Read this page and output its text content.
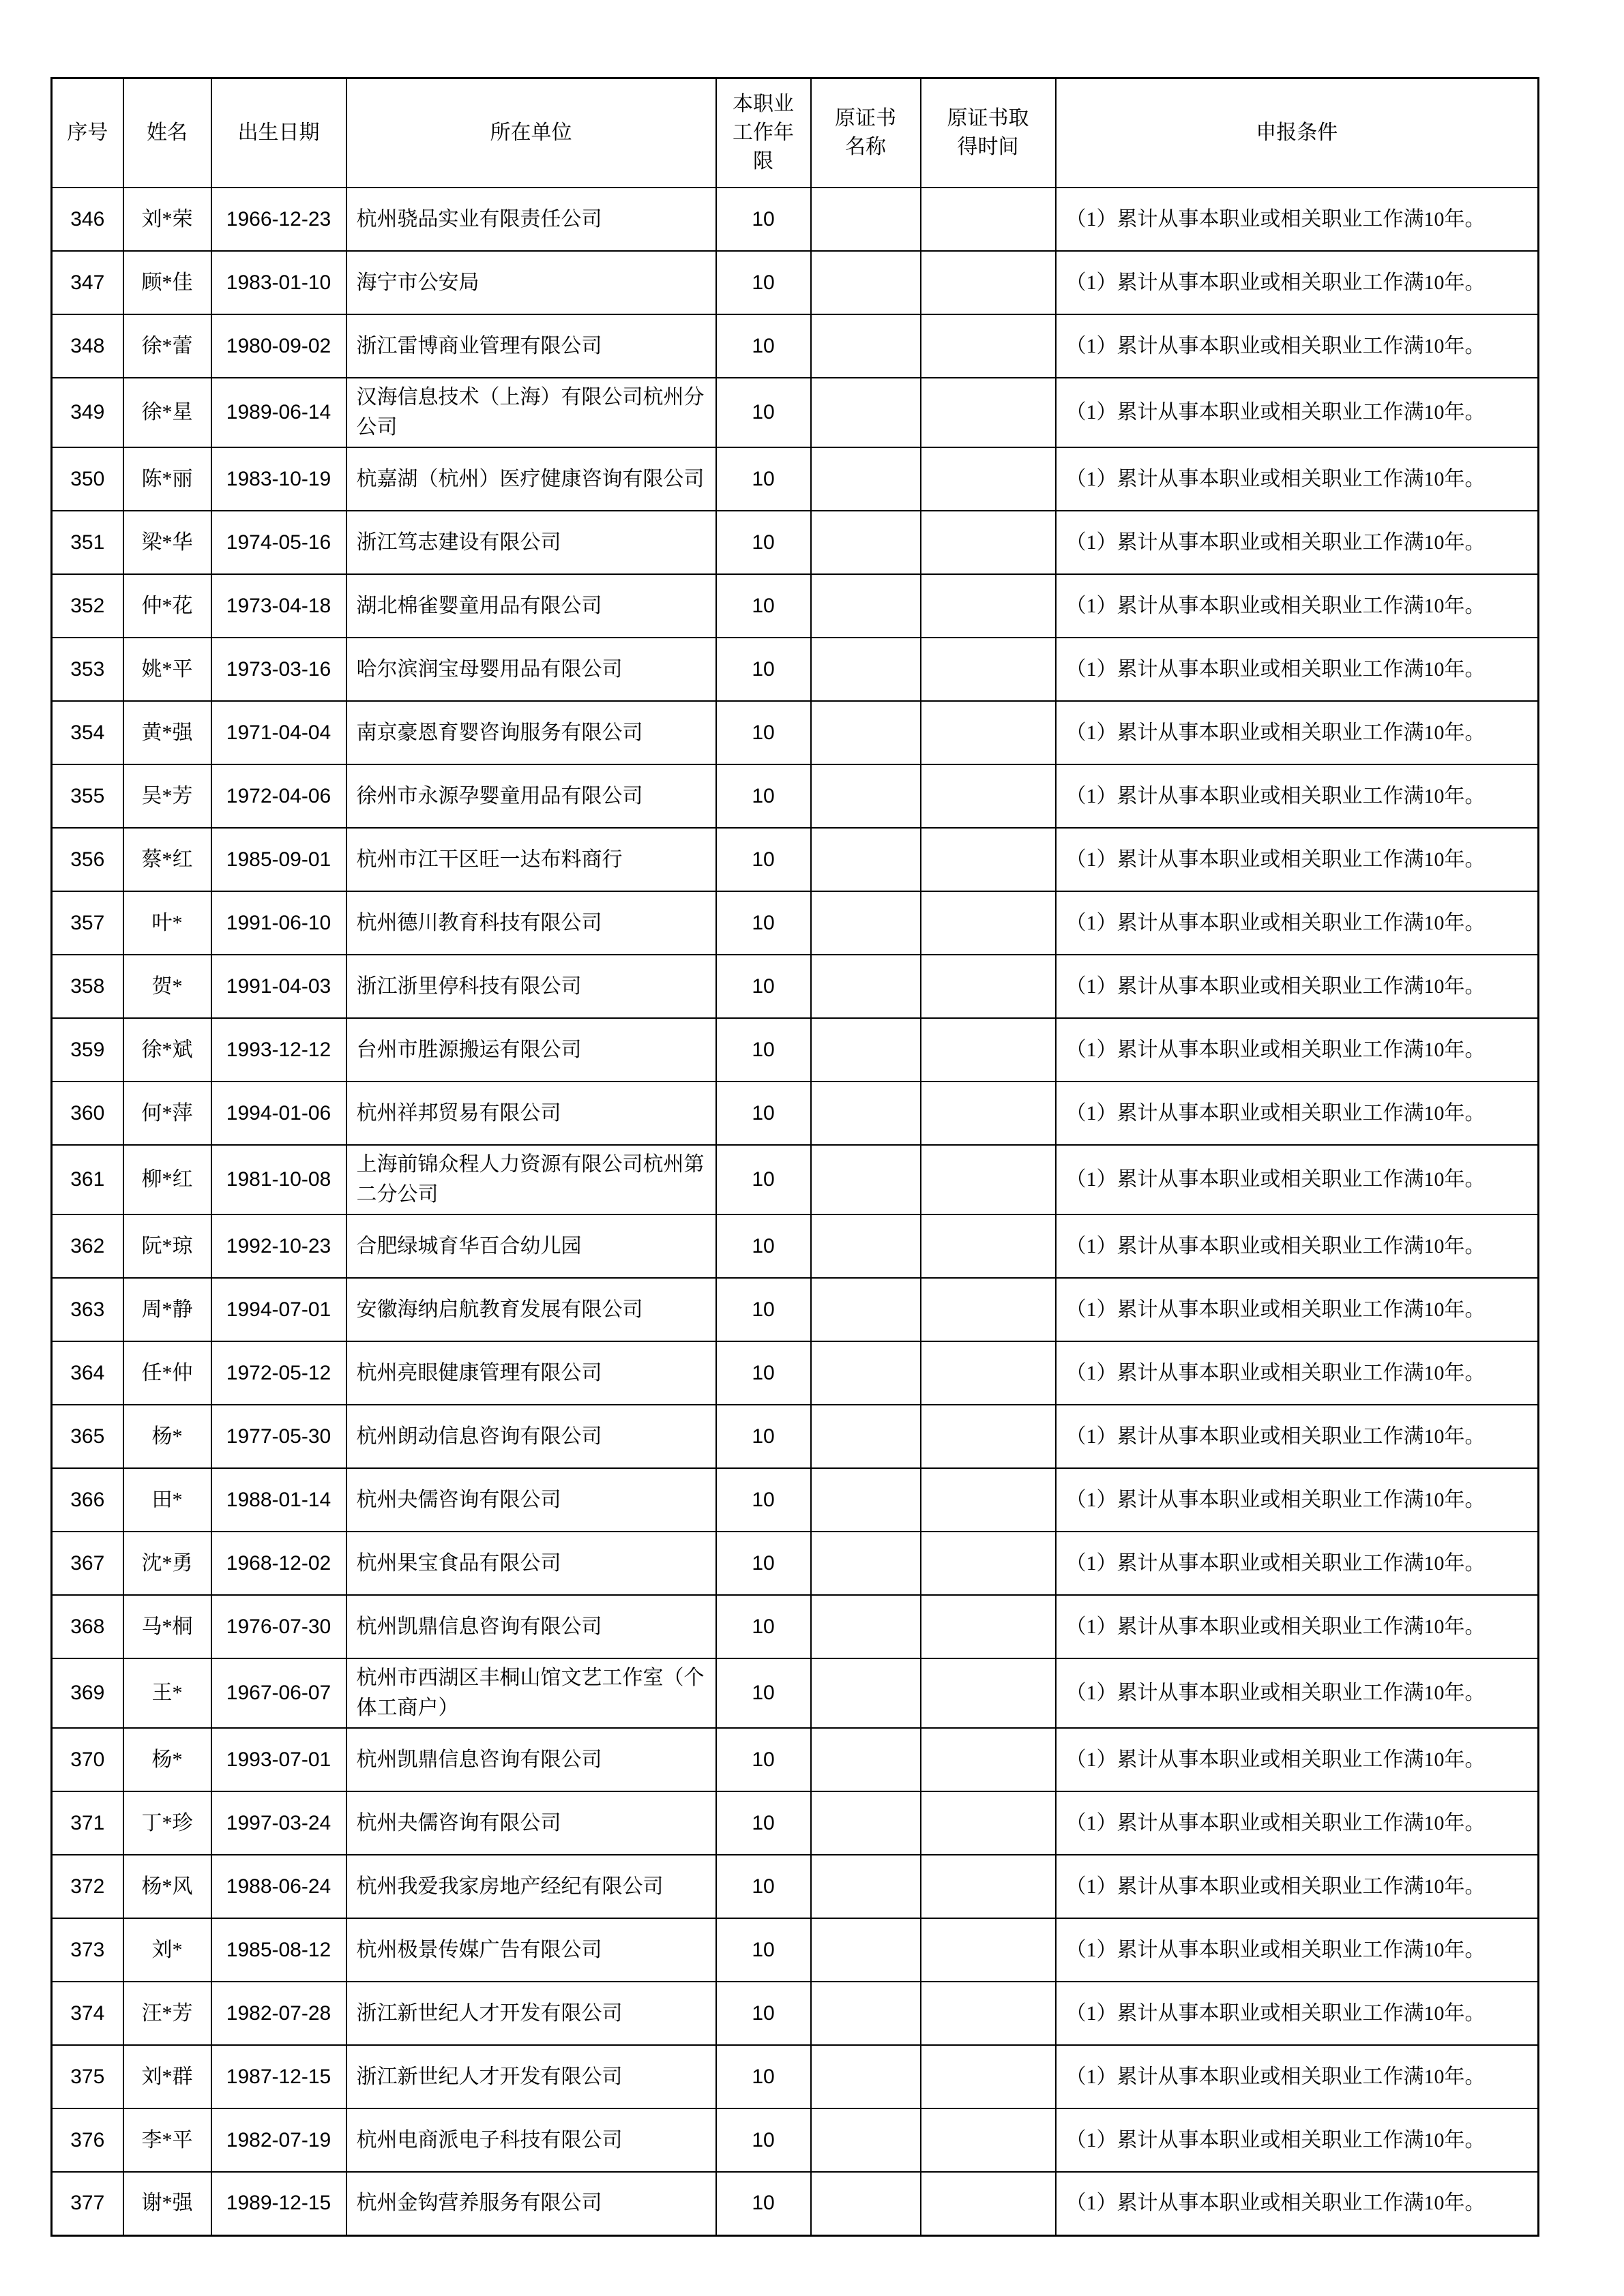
序号	姓名	出生日期	所在单位	本职业工作年限	原证书名称	原证书取得时间	申报条件
346	刘*荣	1966-12-23	杭州骁品实业有限责任公司	10			（1）累计从事本职业或相关职业工作满10年。
347	顾*佳	1983-01-10	海宁市公安局	10			（1）累计从事本职业或相关职业工作满10年。
348	徐*蕾	1980-09-02	浙江雷博商业管理有限公司	10			（1）累计从事本职业或相关职业工作满10年。
349	徐*星	1989-06-14	汉海信息技术（上海）有限公司杭州分公司	10			（1）累计从事本职业或相关职业工作满10年。
350	陈*丽	1983-10-19	杭嘉湖（杭州）医疗健康咨询有限公司	10			（1）累计从事本职业或相关职业工作满10年。
351	梁*华	1974-05-16	浙江笃志建设有限公司	10			（1）累计从事本职业或相关职业工作满10年。
352	仲*花	1973-04-18	湖北棉雀婴童用品有限公司	10			（1）累计从事本职业或相关职业工作满10年。
353	姚*平	1973-03-16	哈尔滨润宝母婴用品有限公司	10			（1）累计从事本职业或相关职业工作满10年。
354	黄*强	1971-04-04	南京豪恩育婴咨询服务有限公司	10			（1）累计从事本职业或相关职业工作满10年。
355	吴*芳	1972-04-06	徐州市永源孕婴童用品有限公司	10			（1）累计从事本职业或相关职业工作满10年。
356	蔡*红	1985-09-01	杭州市江干区旺一达布料商行	10			（1）累计从事本职业或相关职业工作满10年。
357	叶*	1991-06-10	杭州德川教育科技有限公司	10			（1）累计从事本职业或相关职业工作满10年。
358	贺*	1991-04-03	浙江浙里停科技有限公司	10			（1）累计从事本职业或相关职业工作满10年。
359	徐*斌	1993-12-12	台州市胜源搬运有限公司	10			（1）累计从事本职业或相关职业工作满10年。
360	何*萍	1994-01-06	杭州祥邦贸易有限公司	10			（1）累计从事本职业或相关职业工作满10年。
361	柳*红	1981-10-08	上海前锦众程人力资源有限公司杭州第二分公司	10			（1）累计从事本职业或相关职业工作满10年。
362	阮*琼	1992-10-23	合肥绿城育华百合幼儿园	10			（1）累计从事本职业或相关职业工作满10年。
363	周*静	1994-07-01	安徽海纳启航教育发展有限公司	10			（1）累计从事本职业或相关职业工作满10年。
364	任*仲	1972-05-12	杭州亮眼健康管理有限公司	10			（1）累计从事本职业或相关职业工作满10年。
365	杨*	1977-05-30	杭州朗动信息咨询有限公司	10			（1）累计从事本职业或相关职业工作满10年。
366	田*	1988-01-14	杭州夬儒咨询有限公司	10			（1）累计从事本职业或相关职业工作满10年。
367	沈*勇	1968-12-02	杭州果宝食品有限公司	10			（1）累计从事本职业或相关职业工作满10年。
368	马*桐	1976-07-30	杭州凯鼎信息咨询有限公司	10			（1）累计从事本职业或相关职业工作满10年。
369	王*	1967-06-07	杭州市西湖区丰桐山馆文艺工作室（个体工商户）	10			（1）累计从事本职业或相关职业工作满10年。
370	杨*	1993-07-01	杭州凯鼎信息咨询有限公司	10			（1）累计从事本职业或相关职业工作满10年。
371	丁*珍	1997-03-24	杭州夬儒咨询有限公司	10			（1）累计从事本职业或相关职业工作满10年。
372	杨*风	1988-06-24	杭州我爱我家房地产经纪有限公司	10			（1）累计从事本职业或相关职业工作满10年。
373	刘*	1985-08-12	杭州极景传媒广告有限公司	10			（1）累计从事本职业或相关职业工作满10年。
374	汪*芳	1982-07-28	浙江新世纪人才开发有限公司	10			（1）累计从事本职业或相关职业工作满10年。
375	刘*群	1987-12-15	浙江新世纪人才开发有限公司	10			（1）累计从事本职业或相关职业工作满10年。
376	李*平	1982-07-19	杭州电商派电子科技有限公司	10			（1）累计从事本职业或相关职业工作满10年。
377	谢*强	1989-12-15	杭州金钩营养服务有限公司	10			（1）累计从事本职业或相关职业工作满10年。
